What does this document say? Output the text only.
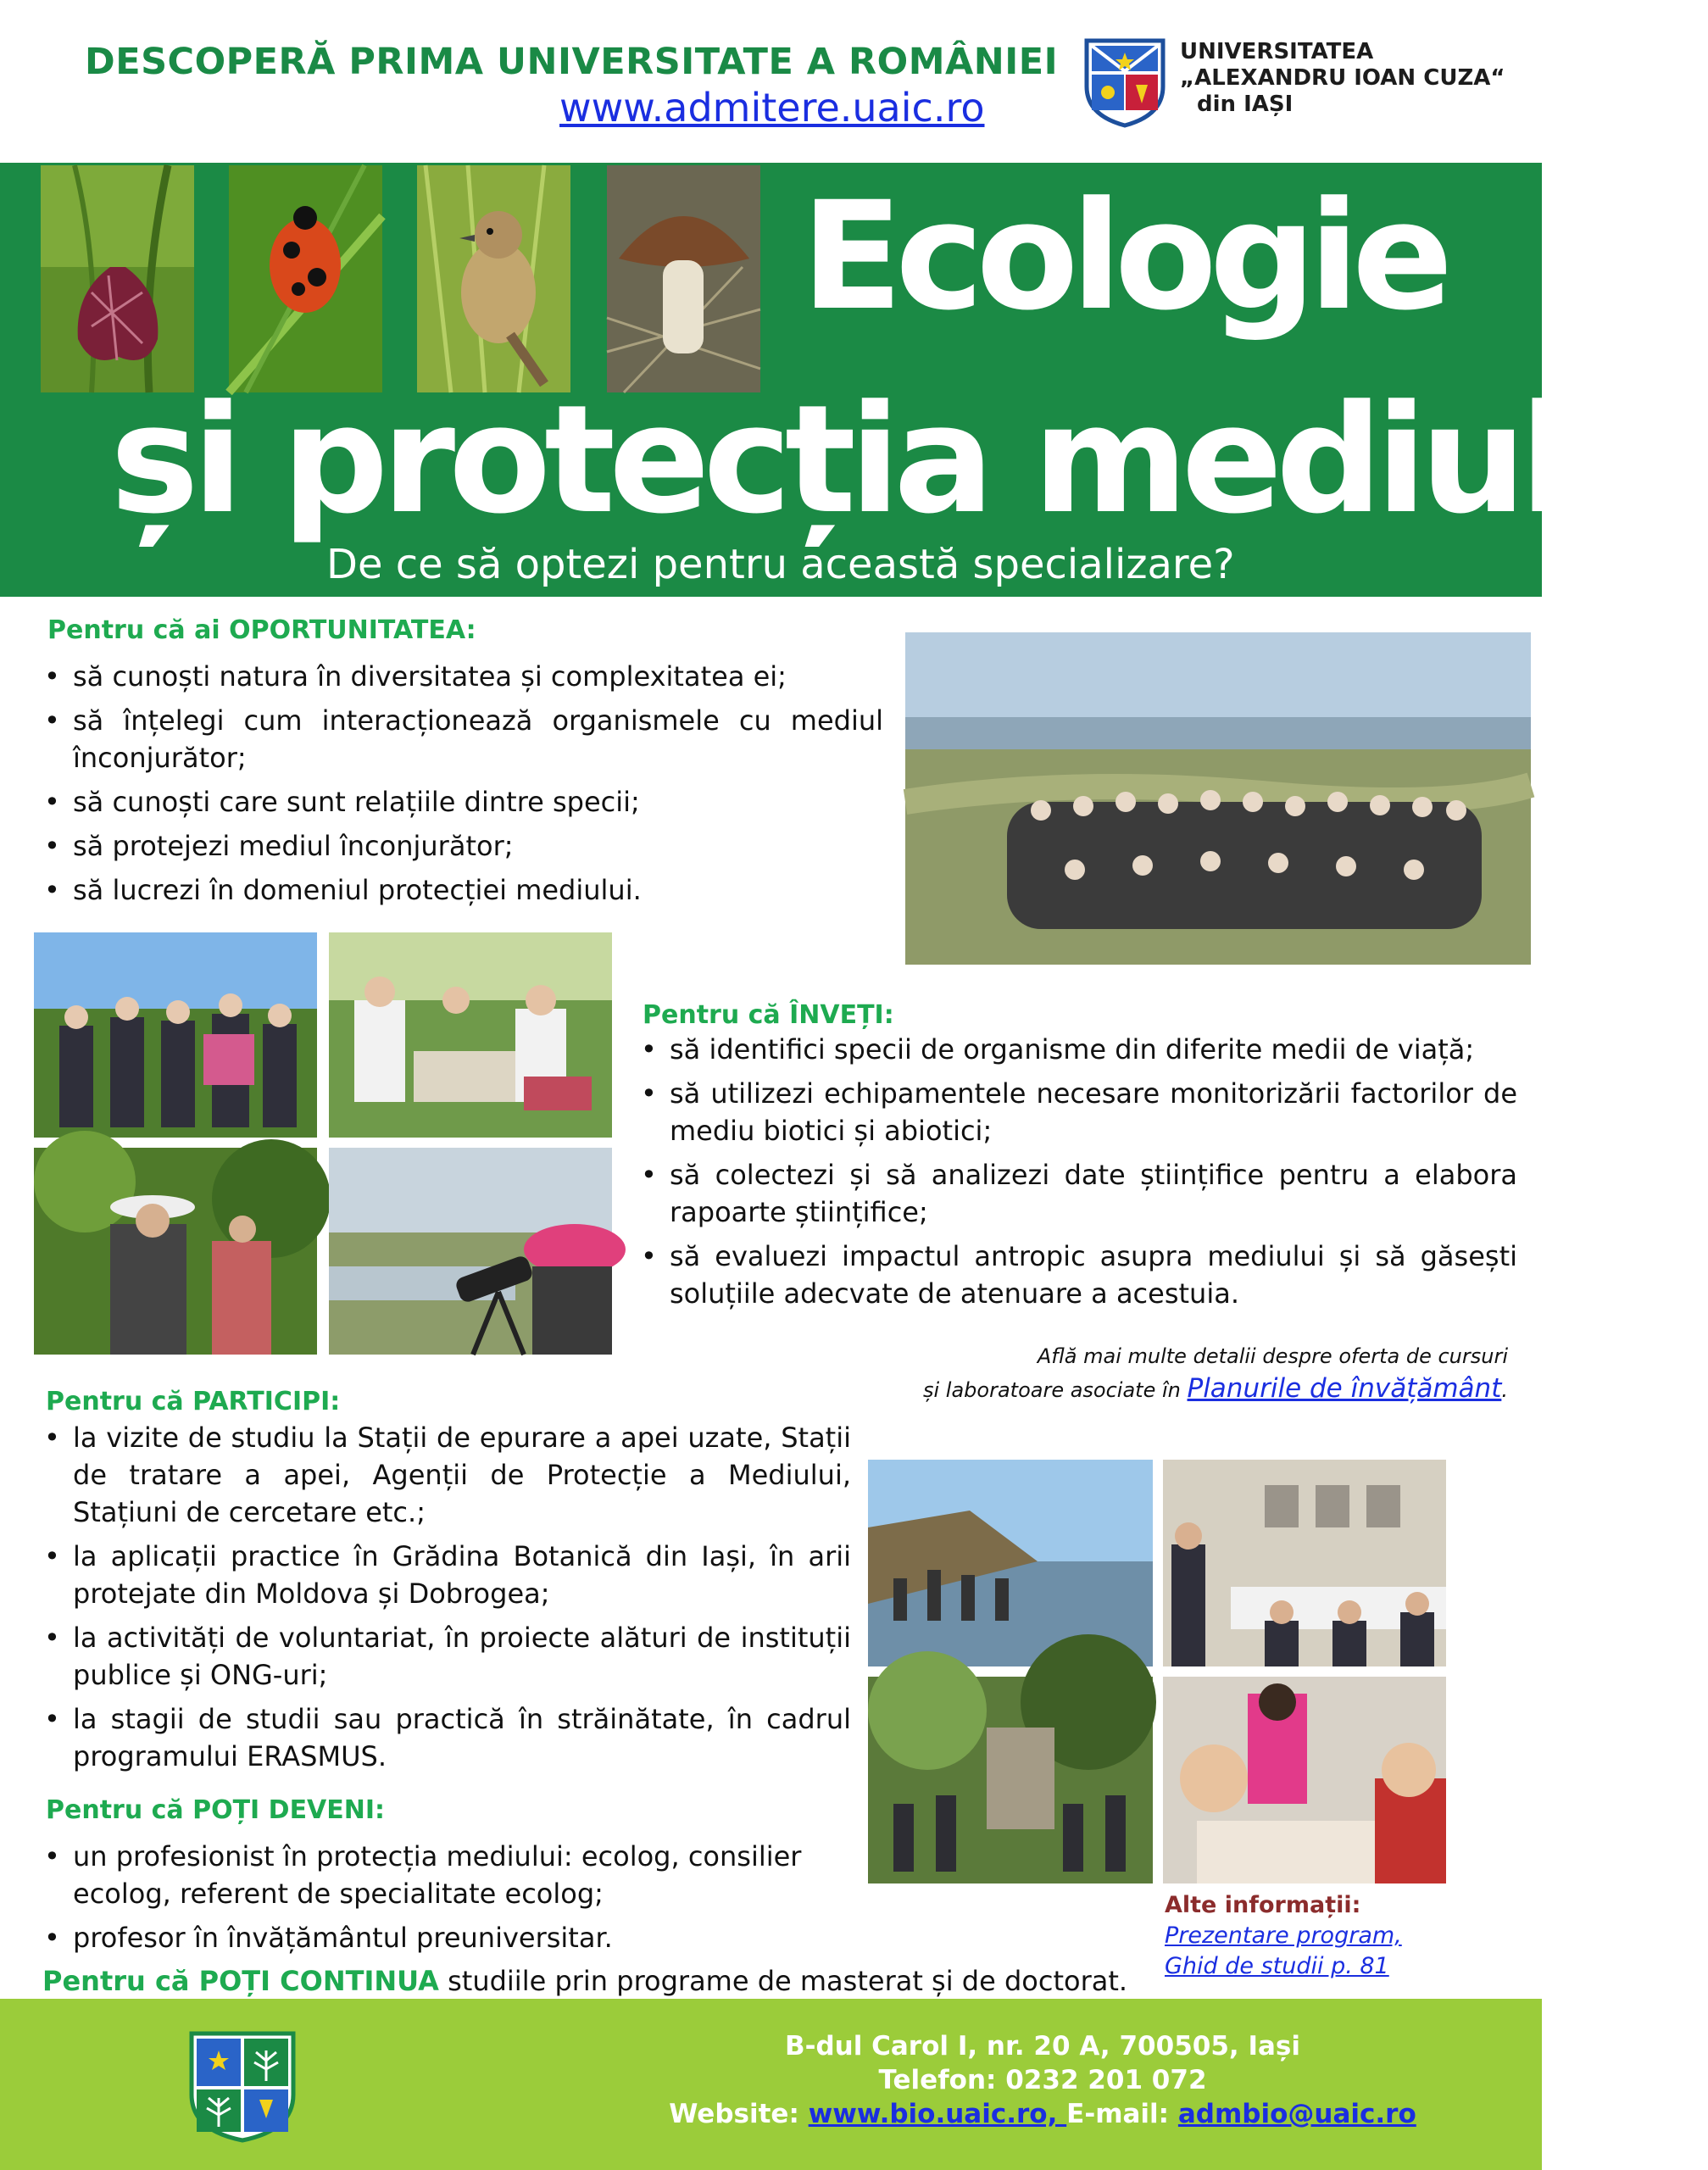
DESCOPERĂ PRIMA UNIVERSITATE A ROMÂNIEI
www.admitere.uaic.ro
UNIVERSITATEA
„ALEXANDRU IOAN CUZA“
din IAȘI
Ecologie
și protecția mediului
De ce să optezi pentru această specializare?
Pentru că ai OPORTUNITATEA:
• să cunoști natura în diversitatea și complexitatea ei;
• să înțelegi cum interacționează organismele cu mediul înconjurător;
• să cunoști care sunt relațiile dintre specii;
• să protejezi mediul înconjurător;
• să lucrezi în domeniul protecției mediului.
Pentru că ÎNVEȚI:
• să identifici specii de organisme din diferite medii de viață;
• să utilizezi echipamentele necesare monitorizării factorilor de mediu biotici și abiotici;
• să colectezi și să analizezi date științifice pentru a elabora rapoarte științifice;
• să evaluezi impactul antropic asupra mediului și să găsești soluțiile adecvate de atenuare a acestuia.
Află mai multe detalii despre oferta de cursuri
și laboratoare asociate în Planurile de învățământ.
Pentru că PARTICIPI:
• la vizite de studiu la Stații de epurare a apei uzate, Stații de tratare a apei, Agenții de Protecție a Mediului, Stațiuni de cercetare etc.;
• la aplicații practice în Grădina Botanică din Iași, în arii protejate din Moldova și Dobrogea;
• la activități de voluntariat, în proiecte alături de instituții publice și ONG-uri;
• la stagii de studii sau practică în străinătate, în cadrul programului ERASMUS.
Pentru că POȚI DEVENI:
• un profesionist în protecția mediului: ecolog, consilier ecolog, referent de specialitate ecolog;
• profesor în învățământul preuniversitar.
Alte informații:
Prezentare program,
Ghid de studii p. 81
Pentru că POȚI CONTINUA studiile prin programe de masterat și de doctorat.
B-dul Carol I, nr. 20 A, 700505, Iași
Telefon: 0232 201 072
Website: www.bio.uaic.ro, E-mail: admbio@uaic.ro
